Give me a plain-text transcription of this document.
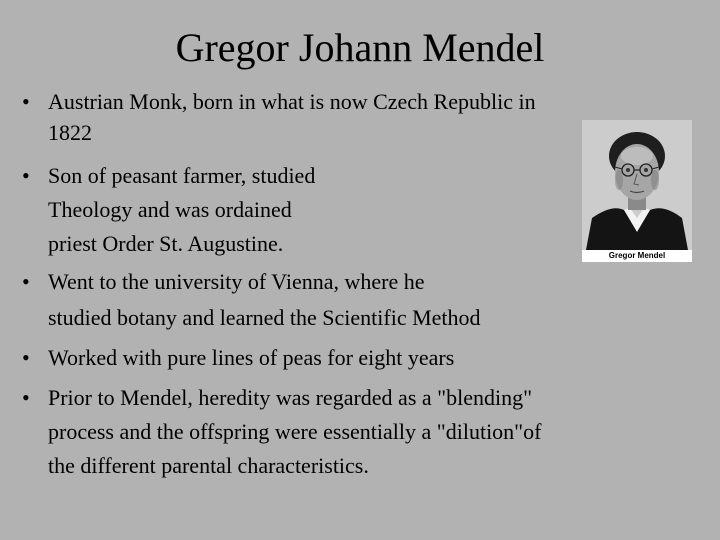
Gregor Johann Mendel
• Austrian Monk, born in what is now Czech Republic in
1822
• Son of peasant farmer, studied
Theology and was ordained
priest Order St. Augustine.
• Went to the university of Vienna, where he
studied botany and learned the Scientific Method
• Worked with pure lines of peas for eight years
• Prior to Mendel, heredity was regarded as a "blending"
process and the offspring were essentially a "dilution"of
the different parental characteristics.
Gregor Mendel
